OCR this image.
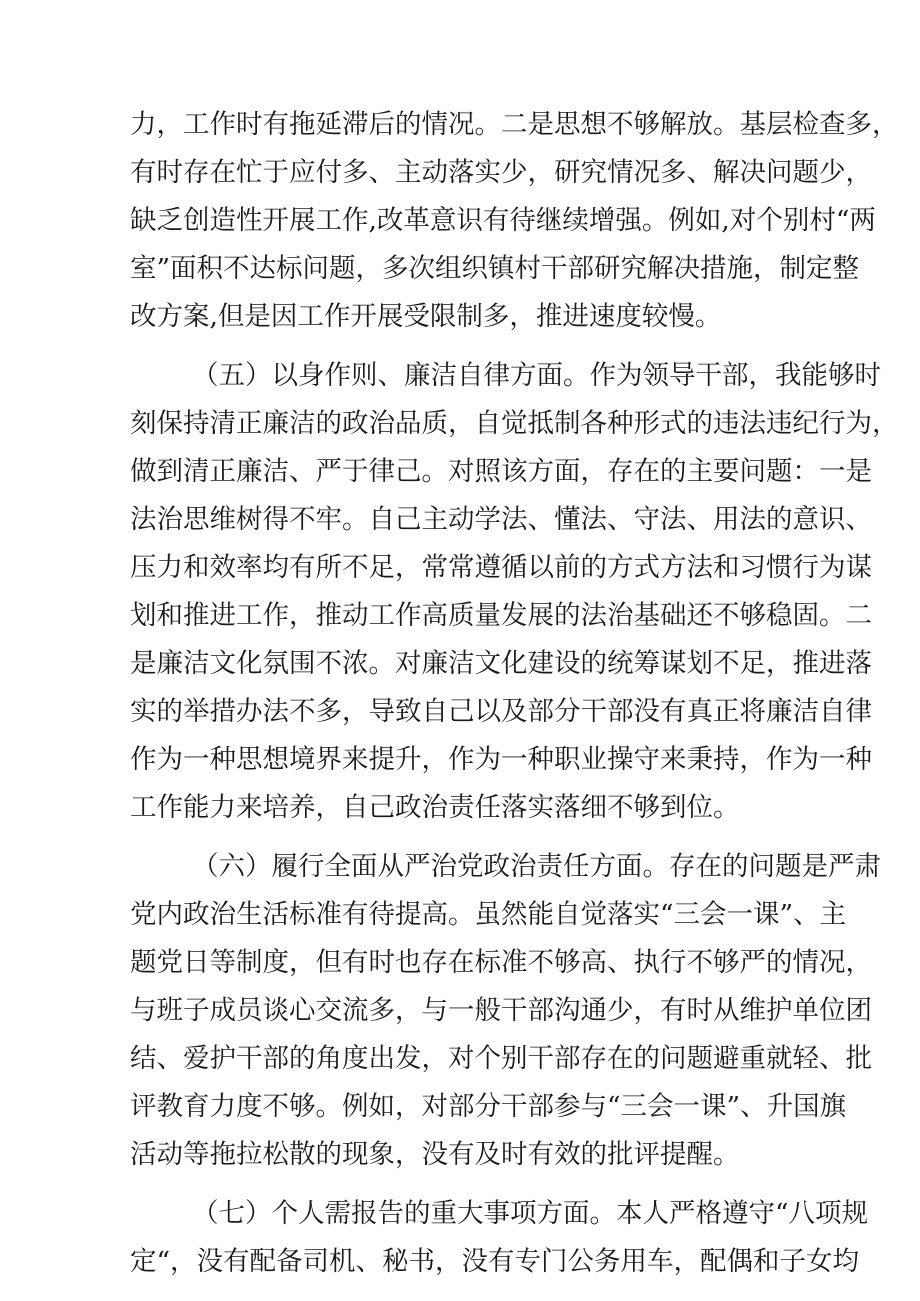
力，工作时有拖延滞后的情况。二是思想不够解放。基层检查多，
有时存在忙于应付多、主动落实少，研究情况多、解决问题少，
缺乏创造性开展工作,改革意识有待继续增强。例如,对个别村“两
室”面积不达标问题，多次组织镇村干部研究解决措施，制定整
改方案,但是因工作开展受限制多，推进速度较慢。
（五）以身作则、廉洁自律方面。作为领导干部，我能够时
刻保持清正廉洁的政治品质，自觉抵制各种形式的违法违纪行为，
做到清正廉洁、严于律己。对照该方面，存在的主要问题：一是
法治思维树得不牢。自己主动学法、懂法、守法、用法的意识、
压力和效率均有所不足，常常遵循以前的方式方法和习惯行为谋
划和推进工作，推动工作高质量发展的法治基础还不够稳固。二
是廉洁文化氛围不浓。对廉洁文化建设的统筹谋划不足，推进落
实的举措办法不多，导致自己以及部分干部没有真正将廉洁自律
作为一种思想境界来提升，作为一种职业操守来秉持，作为一种
工作能力来培养，自己政治责任落实落细不够到位。
（六）履行全面从严治党政治责任方面。存在的问题是严肃
党内政治生活标准有待提高。虽然能自觉落实“三会一课”、主
题党日等制度，但有时也存在标准不够高、执行不够严的情况，
与班子成员谈心交流多，与一般干部沟通少，有时从维护单位团
结、爱护干部的角度出发，对个别干部存在的问题避重就轻、批
评教育力度不够。例如，对部分干部参与“三会一课”、升国旗
活动等拖拉松散的现象，没有及时有效的批评提醒。
（七）个人需报告的重大事项方面。本人严格遵守“八项规
定“，没有配备司机、秘书，没有专门公务用车，配偶和子女均
